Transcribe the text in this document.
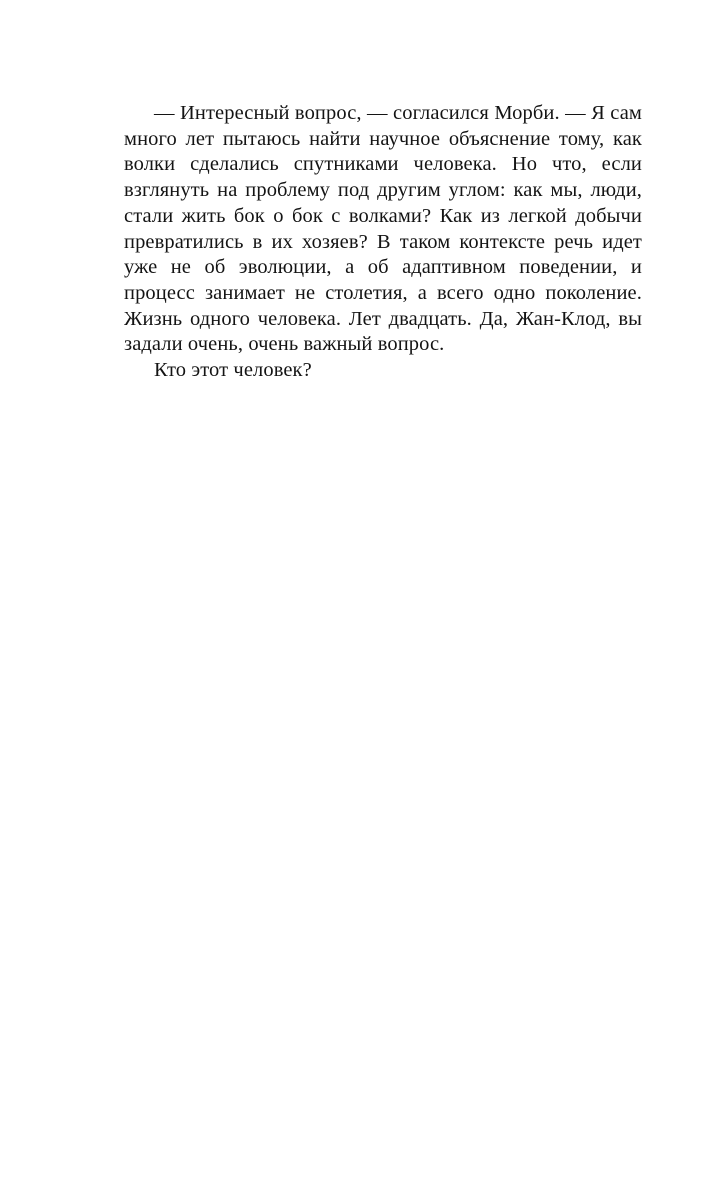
— Интересный вопрос, — согласился Морби. — Я сам много лет пытаюсь найти научное объяснение тому, как волки сделались спутниками человека. Но что, если взглянуть на проблему под другим углом: как мы, люди, стали жить бок о бок с волками? Как из легкой добычи превратились в их хозяев? В таком контексте речь идет уже не об эволюции, а об адаптивном поведении, и процесс занимает не столетия, а всего одно поколение. Жизнь одного человека. Лет двадцать. Да, Жан-Клод, вы задали очень, очень важный вопрос.

Кто этот человек?
